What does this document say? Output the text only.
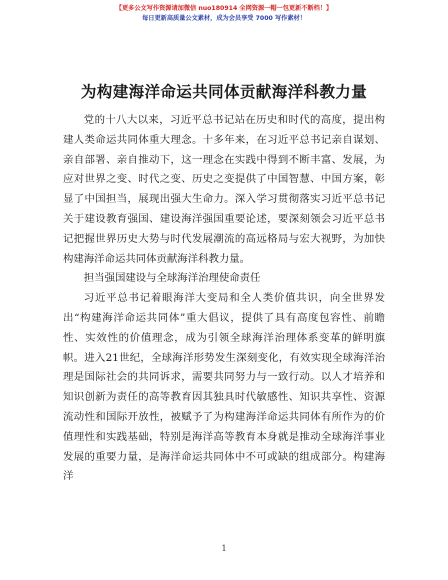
【更多公文写作资源请加微信 nuo180914 全网资源一帽一包更新不断档！】
每日更新高质量公文素材，成为会员享受 7000 写作素材！
为构建海洋命运共同体贡献海洋科教力量

党的十八大以来，习近平总书记站在历史和时代的高度，提出构建人类命运共同体重大理念。十多年来，在习近平总书记亲自谋划、亲自部署、亲自推动下，这一理念在实践中得到不断丰富、发展，为应对世界之变、时代之变、历史之变提供了中国智慧、中国方案，彰显了中国担当，展现出强大生命力。深入学习贯彻落实习近平总书记关于建设教育强国、建设海洋强国重要论述，要深刻领会习近平总书记把握世界历史大势与时代发展潮流的高远格局与宏大视野，为加快构建海洋命运共同体贡献海洋科教力量。

担当强国建设与全球海洋治理使命责任

习近平总书记着眼海洋大变局和全人类价值共识，向全世界发出“构建海洋命运共同体”重大倡议，提供了具有高度包容性、前瞻性、实效性的价值理念，成为引领全球海洋治理体系变革的鲜明旗帜。进入21世纪，全球海洋形势发生深刻变化，有效实现全球海洋治理是国际社会的共同诉求，需要共同努力与一致行动。以人才培养和知识创新为责任的高等教育因其独具时代敏感性、知识共享性、资源流动性和国际开放性，被赋予了为构建海洋命运共同体有所作为的价值理性和实践基础，特别是海洋高等教育本身就是推动全球海洋事业发展的重要力量，是海洋命运共同体中不可或缺的组成部分。构建海洋

1
